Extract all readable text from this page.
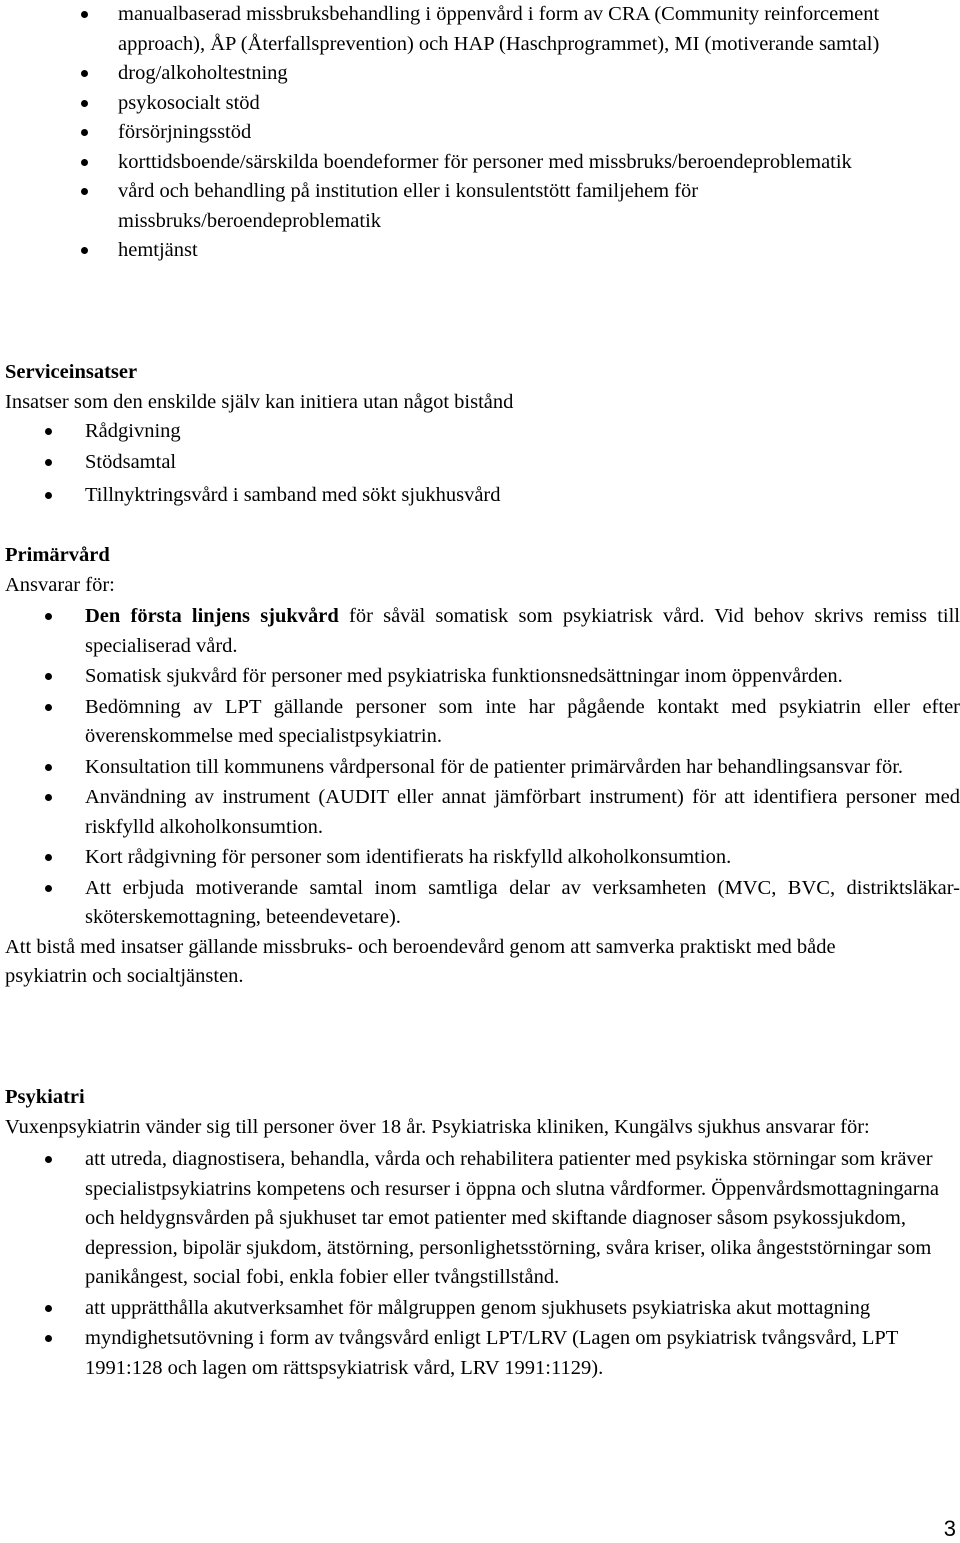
manualbaserad missbruksbehandling i öppenvård i form av CRA (Community reinforcement approach), ÅP (Återfallsprevention) och HAP (Haschprogrammet), MI (motiverande samtal)
drog/alkoholtestning
psykosocialt stöd
försörjningsstöd
korttidsboende/särskilda boendeformer för personer med missbruks/beroendeproblematik
vård och behandling på institution eller i konsulentstött familjehem för missbruks/beroendeproblematik
hemtjänst

Serviceinsatser

Insatser som den enskilde själv kan initiera utan något bistånd

Rådgivning
Stödsamtal
Tillnyktringsvård i samband med sökt sjukhusvård

Primärvård

Ansvarar för:

Den första linjens sjukvård för såväl somatisk som psykiatrisk vård. Vid behov skrivs remiss till specialiserad vård.
Somatisk sjukvård för personer med psykiatriska funktionsnedsättningar inom öppenvården.
Bedömning av LPT gällande personer som inte har pågående kontakt med psykiatrin eller efter överenskommelse med specialistpsykiatrin.
Konsultation till kommunens vårdpersonal för de patienter primärvården har behandlingsansvar för.
Användning av instrument (AUDIT eller annat jämförbart instrument) för att identifiera personer med riskfylld alkoholkonsumtion.
Kort rådgivning för personer som identifierats ha riskfylld alkoholkonsumtion.
Att erbjuda motiverande samtal inom samtliga delar av verksamheten (MVC, BVC, distriktsläkar-sköterskemottagning, beteendevetare).

Att bistå med insatser gällande missbruks- och beroendevård genom att samverka praktiskt med både psykiatrin och socialtjänsten.

Psykiatri

Vuxenpsykiatrin vänder sig till personer över 18 år. Psykiatriska kliniken, Kungälvs sjukhus ansvarar för:

att utreda, diagnostisera, behandla, vårda och rehabilitera patienter med psykiska störningar som kräver specialistpsykiatrins kompetens och resurser i öppna och slutna vårdformer. Öppenvårdsmottagningarna och heldygnsvården på sjukhuset tar emot patienter med skiftande diagnoser såsom psykossjukdom, depression, bipolär sjukdom, ätstörning, personlighetsstörning, svåra kriser, olika ångeststörningar som panikångest, social fobi, enkla fobier eller tvångstillstånd.
att upprätthålla akutverksamhet för målgruppen genom sjukhusets psykiatriska akut mottagning
myndighetsutövning i form av tvångsvård enligt LPT/LRV (Lagen om psykiatrisk tvångsvård, LPT 1991:128 och lagen om rättspsykiatrisk vård, LRV 1991:1129).
3
